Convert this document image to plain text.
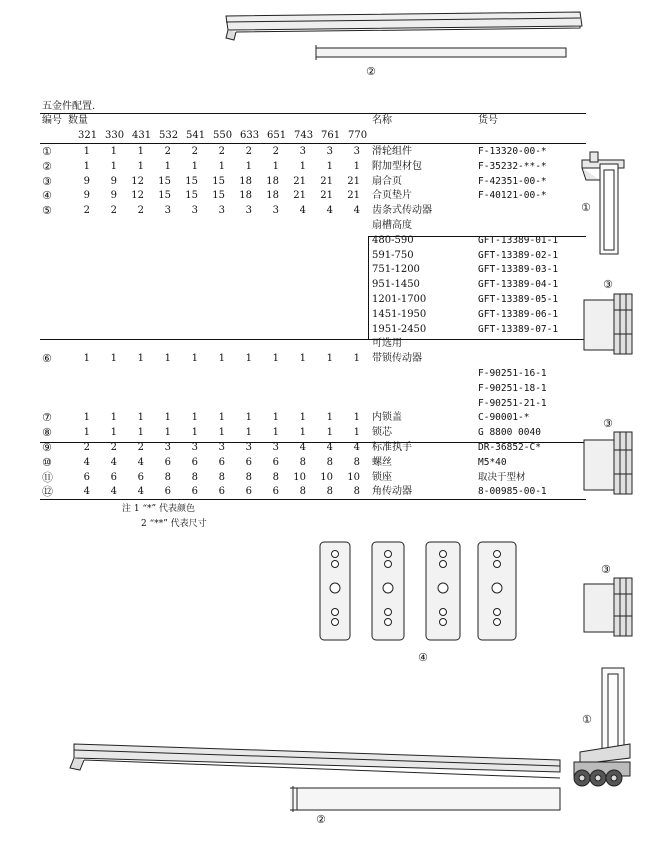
②
五金件配置.
编号 数量	名称	货号
321 330 431 532 541 550 633 651 743 761 770
①	1	1	1	2	2	2	2	2	3	3	3 滑轮组件	F-13320-00-*
②	1	1	1	1	1	1	1	1	1	1	1 附加型材包	F-35232-**-*
③	9	9	12	15	15	15	18	18	21	21	21 扇合页	F-42351-00-*
④	9	9	12	15	15	15	18	18	21	21	21 合页垫片	F-40121-00-*
⑤	2	2	2	3	3	3	3	3	4	4	4 齿条式传动器
扇槽高度
480-590	GFT-13389-01-1
591-750	GFT-13389-02-1
751-1200	GFT-13389-03-1
951-1450	GFT-13389-04-1
1201-1700	GFT-13389-05-1
1451-1950	GFT-13389-06-1
1951-2450	GFT-13389-07-1
可选用
⑥	1	1	1	1	1	1	1	1	1	1	1 带锁传动器
F-90251-16-1
F-90251-18-1
F-90251-21-1
⑦	1	1	1	1	1	1	1	1	1	1	1 内锁盖	C-90001-*
⑧	1	1	1	1	1	1	1	1	1	1	1 锁芯	G 8800 0040
⑨	2	2	2	3	3	3	3	3	4	4	4 标准执手	DR-36852-C*
⑩	4	4	4	6	6	6	6	6	8	8	8 螺丝	M5*40
⑪	6	6	6	8	8	8	8	8	10	10	10 锁座	取决于型材
⑫	4	4	4	6	6	6	6	6	8	8	8 角传动器	8-00985-00-1
注 1 “*” 代表颜色
2 “**” 代表尺寸
①
③
③
③
④
②
①
